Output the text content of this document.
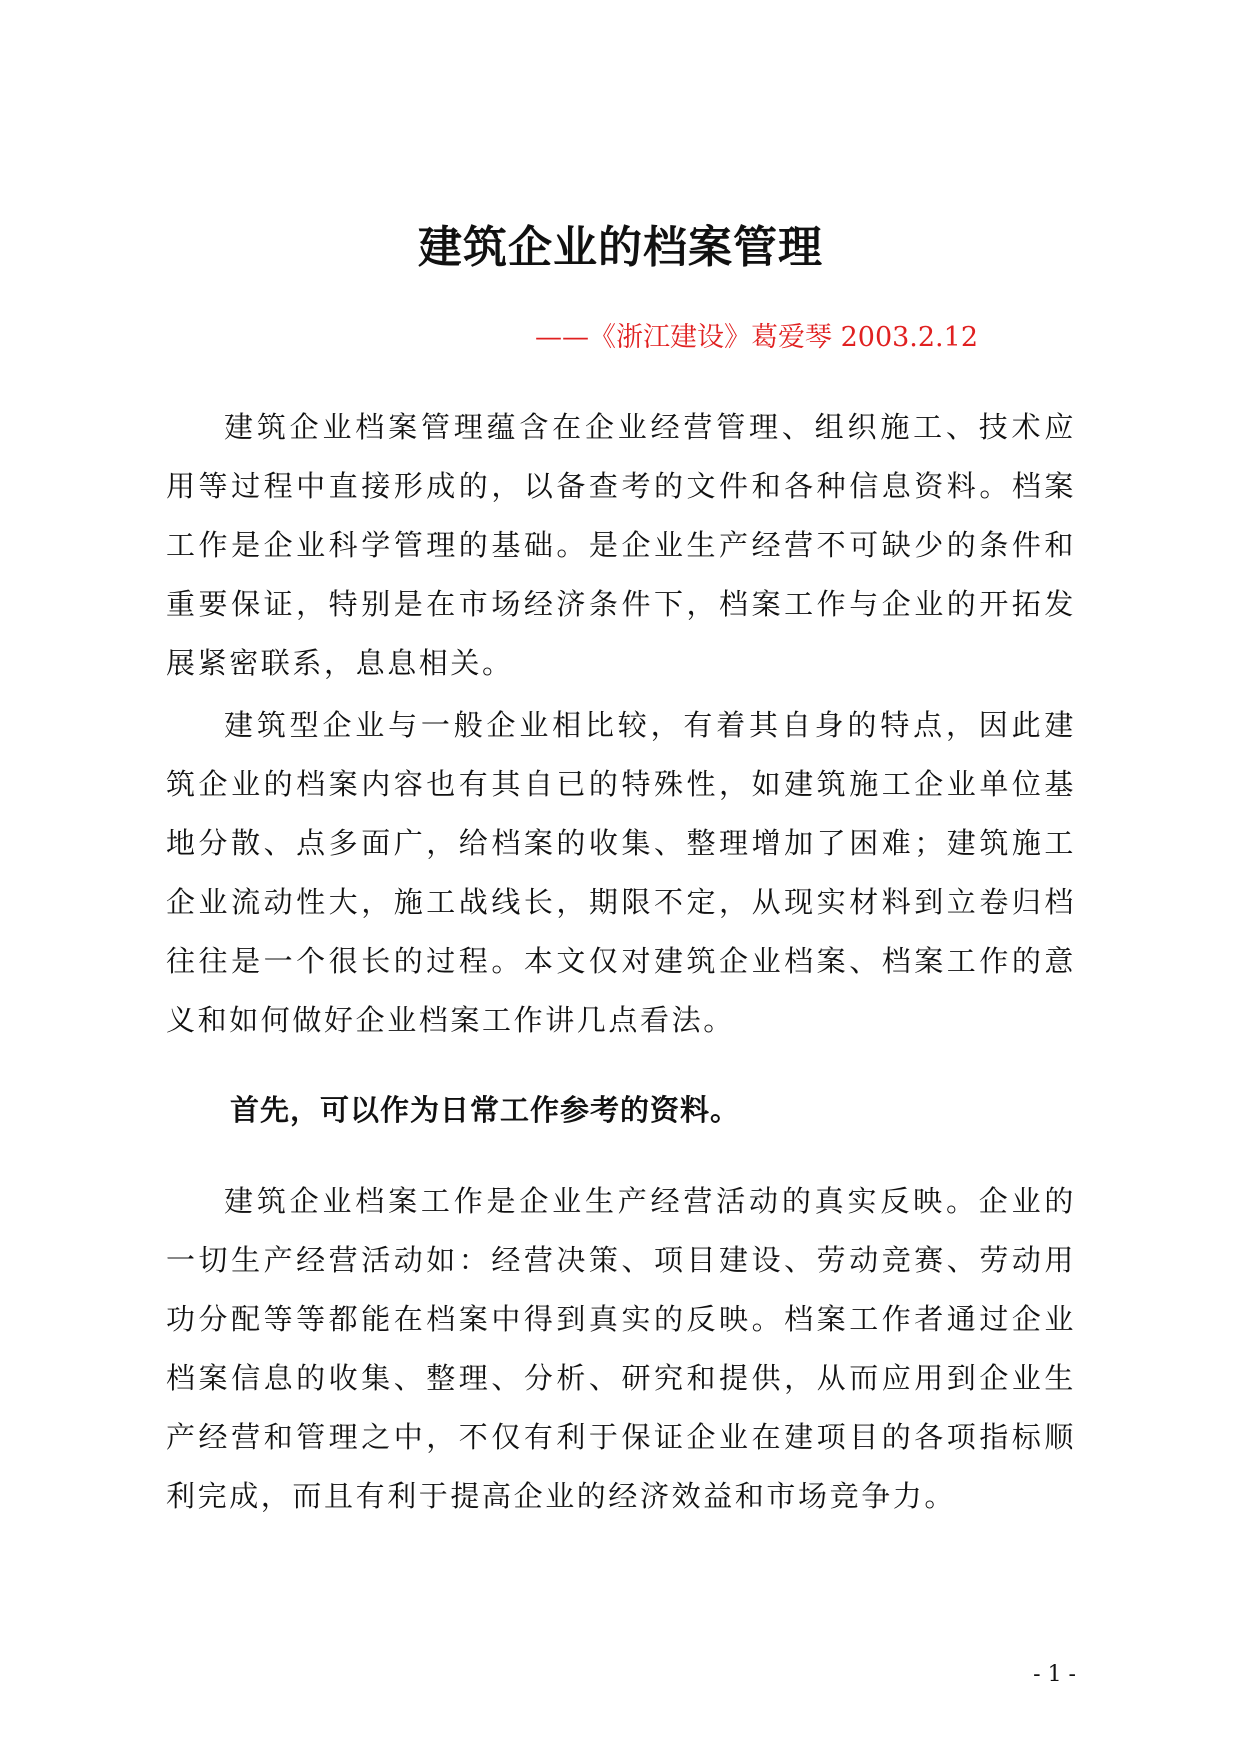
建筑企业的档案管理
——《浙江建设》葛爱琴 2003.2.12

建筑企业档案管理蕴含在企业经营管理、组织施工、技术应用等过程中直接形成的，以备查考的文件和各种信息资料。档案工作是企业科学管理的基础。是企业生产经营不可缺少的条件和重要保证，特别是在市场经济条件下，档案工作与企业的开拓发展紧密联系，息息相关。

建筑型企业与一般企业相比较，有着其自身的特点，因此建筑企业的档案内容也有其自已的特殊性，如建筑施工企业单位基地分散、点多面广，给档案的收集、整理增加了困难；建筑施工企业流动性大，施工战线长，期限不定，从现实材料到立卷归档往往是一个很长的过程。本文仅对建筑企业档案、档案工作的意义和如何做好企业档案工作讲几点看法。

首先，可以作为日常工作参考的资料。

建筑企业档案工作是企业生产经营活动的真实反映。企业的一切生产经营活动如：经营决策、项目建设、劳动竞赛、劳动用功分配等等都能在档案中得到真实的反映。档案工作者通过企业档案信息的收集、整理、分析、研究和提供，从而应用到企业生产经营和管理之中，不仅有利于保证企业在建项目的各项指标顺利完成，而且有利于提高企业的经济效益和市场竞争力。

- 1 -
